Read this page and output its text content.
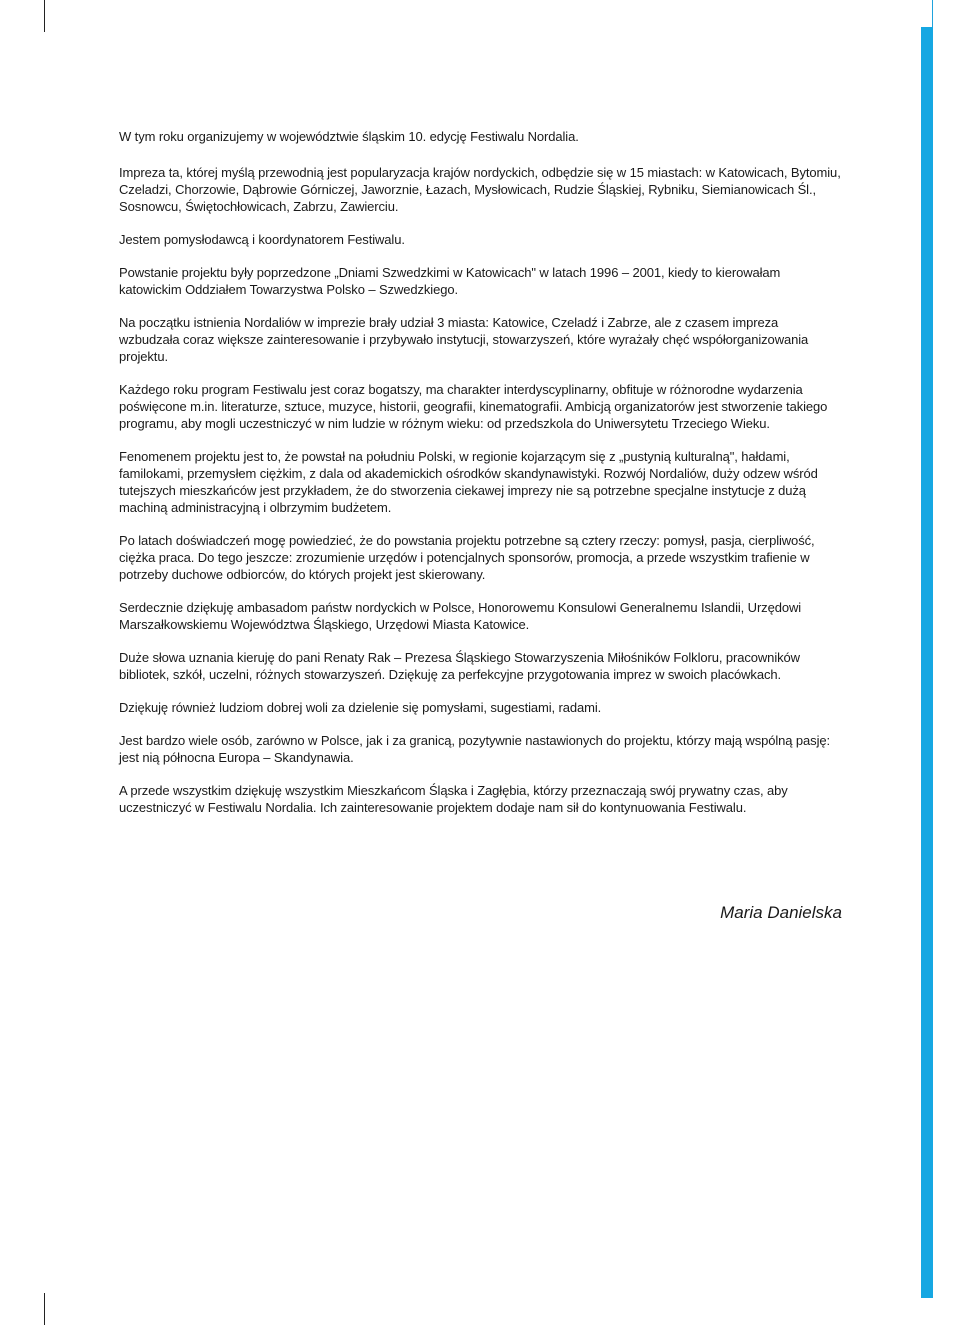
W tym roku organizujemy w województwie śląskim 10. edycję Festiwalu Nordalia.

Impreza ta, której myślą przewodnią jest popularyzacja krajów nordyckich, odbędzie się w 15 miastach: w Katowicach, Bytomiu, Czeladzi, Chorzowie, Dąbrowie Górniczej, Jaworznie, Łazach, Mysłowicach, Rudzie Śląskiej, Rybniku, Siemianowicach Śl., Sosnowcu, Świętochłowicach, Zabrzu, Zawierciu.

Jestem pomysłodawcą i koordynatorem Festiwalu.

Powstanie projektu były poprzedzone „Dniami Szwedzkimi w Katowicach" w latach 1996 – 2001, kiedy to kierowałam katowickim Oddziałem Towarzystwa Polsko – Szwedzkiego.

Na początku istnienia Nordaliów w imprezie brały udział 3 miasta: Katowice, Czeladź i Zabrze, ale z czasem impreza wzbudzała coraz większe zainteresowanie i przybywało instytucji, stowarzyszeń, które wyrażały chęć współorganizowania projektu.

Każdego roku program Festiwalu jest coraz bogatszy, ma charakter interdyscyplinarny, obfituje w różnorodne wydarzenia poświęcone m.in. literaturze, sztuce, muzyce, historii, geografii, kinematografii. Ambicją organizatorów jest stworzenie takiego programu, aby mogli uczestniczyć w nim ludzie w różnym wieku: od przedszkola do Uniwersytetu Trzeciego Wieku.

Fenomenem projektu jest to, że powstał na południu Polski, w regionie kojarzącym się z „pustynią kulturalną", hałdami, familokami, przemysłem ciężkim, z dala od akademickich ośrodków skandynawistyki. Rozwój Nordaliów, duży odzew wśród tutejszych mieszkańców jest przykładem, że do stworzenia ciekawej imprezy nie są potrzebne specjalne instytucje z dużą machiną administracyjną i olbrzymim budżetem.

Po latach doświadczeń mogę powiedzieć, że do powstania projektu potrzebne są cztery rzeczy: pomysł, pasja, cierpliwość, ciężka praca. Do tego jeszcze: zrozumienie urzędów i potencjalnych sponsorów, promocja, a przede wszystkim trafienie w potrzeby duchowe odbiorców, do których projekt jest skierowany.

Serdecznie dziękuję ambasadom państw nordyckich w Polsce, Honorowemu Konsulowi Generalnemu Islandii, Urzędowi Marszałkowskiemu Województwa Śląskiego, Urzędowi Miasta Katowice.

Duże słowa uznania kieruję do pani Renaty Rak – Prezesa Śląskiego Stowarzyszenia Miłośników Folkloru, pracowników bibliotek, szkół, uczelni, różnych stowarzyszeń. Dziękuję za perfekcyjne przygotowania imprez w swoich placówkach.

Dziękuję również ludziom dobrej woli za dzielenie się pomysłami, sugestiami, radami.

Jest bardzo wiele osób, zarówno w Polsce, jak i za granicą, pozytywnie nastawionych do projektu, którzy mają wspólną pasję: jest nią północna Europa – Skandynawia.

A przede wszystkim dziękuję wszystkim Mieszkańcom Śląska i Zagłębia, którzy przeznaczają swój prywatny czas, aby uczestniczyć w Festiwalu Nordalia. Ich zainteresowanie projektem dodaje nam sił do kontynuowania Festiwalu.

Maria Danielska
